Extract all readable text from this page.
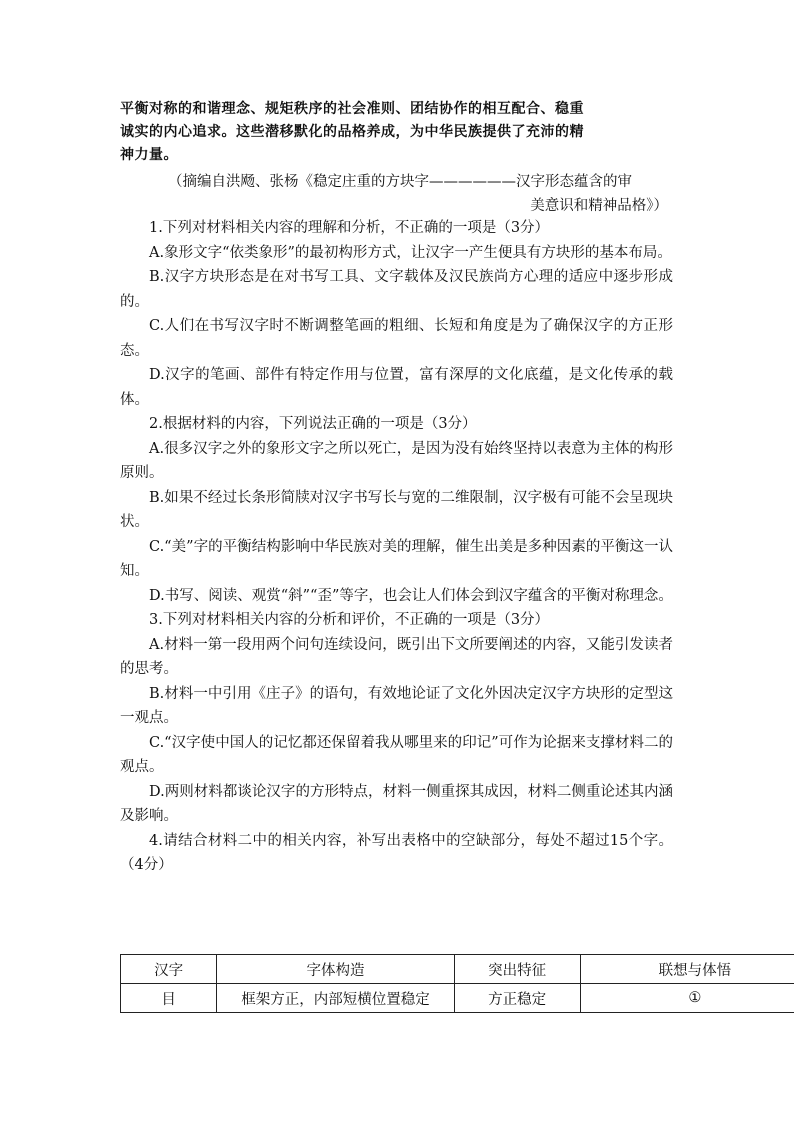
平衡对称的和谐理念、规矩秩序的社会准则、团结协作的相互配合、稳重
诚实的内心追求。这些潜移默化的品格养成，为中华民族提供了充沛的精
神力量。
（摘编自洪飏、张杨《稳定庄重的方块字——————汉字形态蕴含的审
美意识和精神品格》）

1.下列对材料相关内容的理解和分析，不正确的一项是（3分）

A.象形文字“依类象形”的最初构形方式，让汉字一产生便具有方块形的基本布局。

B.汉字方块形态是在对书写工具、文字载体及汉民族尚方心理的适应中逐步形成的。

C.人们在书写汉字时不断调整笔画的粗细、长短和角度是为了确保汉字的方正形态。

D.汉字的笔画、部件有特定作用与位置，富有深厚的文化底蕴，是文化传承的载体。

2.根据材料的内容，下列说法正确的一项是（3分）

A.很多汉字之外的象形文字之所以死亡，是因为没有始终坚持以表意为主体的构形原则。

B.如果不经过长条形简牍对汉字书写长与宽的二维限制，汉字极有可能不会呈现块状。

C.“美”字的平衡结构影响中华民族对美的理解，催生出美是多种因素的平衡这一认知。

D.书写、阅读、观赏“斜”“歪”等字，也会让人们体会到汉字蕴含的平衡对称理念。

3.下列对材料相关内容的分析和评价，不正确的一项是（3分）

A.材料一第一段用两个问句连续设问，既引出下文所要阐述的内容，又能引发读者的思考。

B.材料一中引用《庄子》的语句，有效地论证了文化外因决定汉字方块形的定型这一观点。

C.“汉字使中国人的记忆都还保留着我从哪里来的印记”可作为论据来支撑材料二的观点。

D.两则材料都谈论汉字的方形特点，材料一侧重探其成因，材料二侧重论述其内涵及影响。

4.请结合材料二中的相关内容，补写出表格中的空缺部分，每处不超过15个字。（4分）

汉字	字体构造	突出特征	联想与体悟
目	框架方正，内部短横位置稳定	方正稳定	①
